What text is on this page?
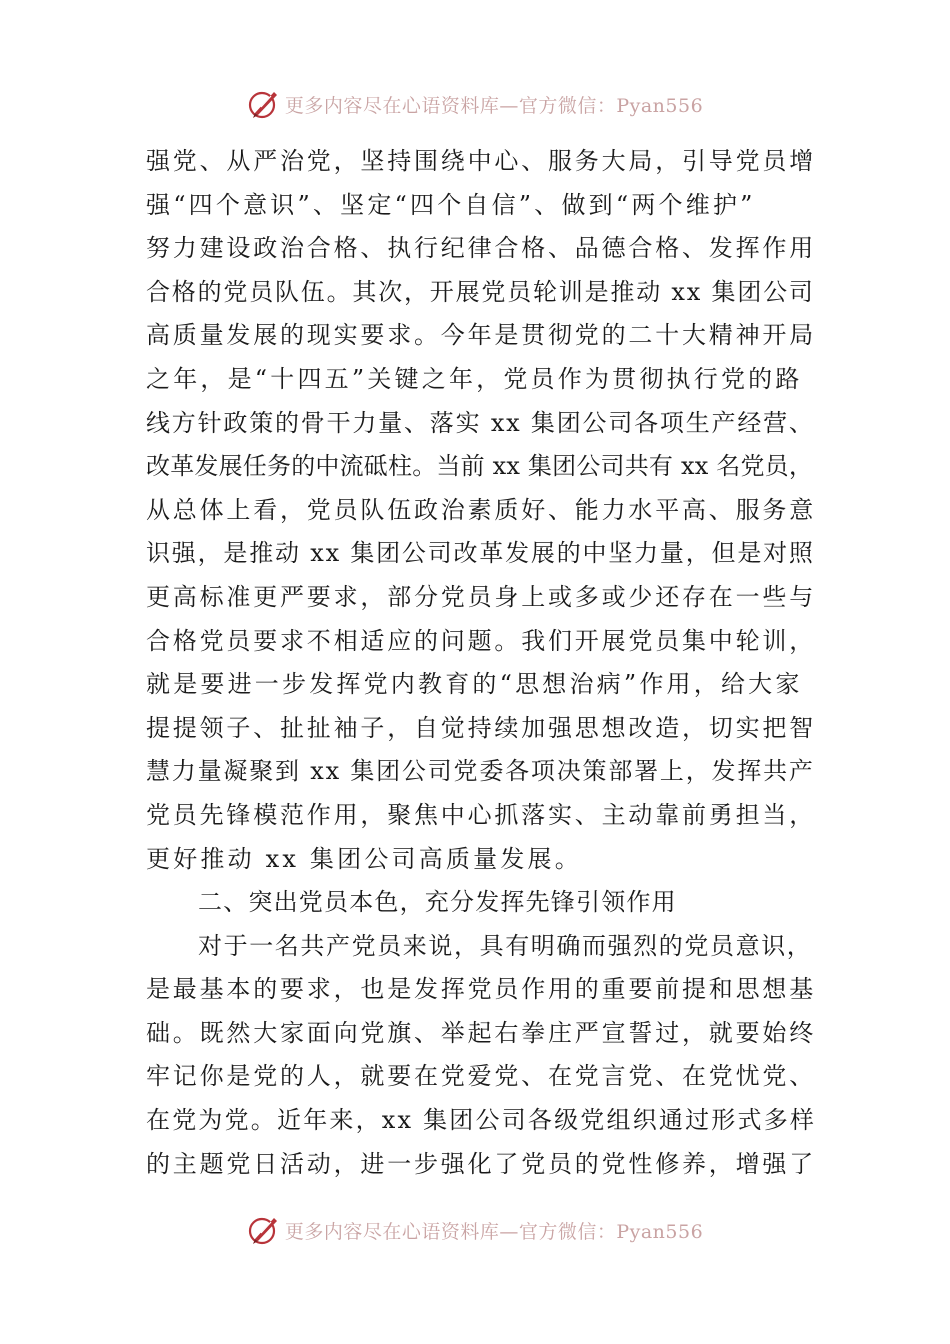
更多内容尽在心语资料库—官方微信：Pyan556
强党、从严治党，坚持围绕中心、服务大局，引导党员增
强“四个意识”、坚定“四个自信”、做到“两个维护”
努力建设政治合格、执行纪律合格、品德合格、发挥作用
合格的党员队伍。其次，开展党员轮训是推动 xx 集团公司
高质量发展的现实要求。今年是贯彻党的二十大精神开局
之年，是“十四五”关键之年，党员作为贯彻执行党的路
线方针政策的骨干力量、落实 xx 集团公司各项生产经营、
改革发展任务的中流砥柱。当前 xx 集团公司共有 xx 名党员，
从总体上看，党员队伍政治素质好、能力水平高、服务意
识强，是推动 xx 集团公司改革发展的中坚力量，但是对照
更高标准更严要求，部分党员身上或多或少还存在一些与
合格党员要求不相适应的问题。我们开展党员集中轮训，
就是要进一步发挥党内教育的“思想治病”作用，给大家
提提领子、扯扯袖子，自觉持续加强思想改造，切实把智
慧力量凝聚到 xx 集团公司党委各项决策部署上，发挥共产
党员先锋模范作用，聚焦中心抓落实、主动靠前勇担当，
更好推动 xx 集团公司高质量发展。
二、突出党员本色，充分发挥先锋引领作用
对于一名共产党员来说，具有明确而强烈的党员意识，
是最基本的要求，也是发挥党员作用的重要前提和思想基
础。既然大家面向党旗、举起右拳庄严宣誓过，就要始终
牢记你是党的人，就要在党爱党、在党言党、在党忧党、
在党为党。近年来，xx 集团公司各级党组织通过形式多样
的主题党日活动，进一步强化了党员的党性修养，增强了
更多内容尽在心语资料库—官方微信：Pyan556
